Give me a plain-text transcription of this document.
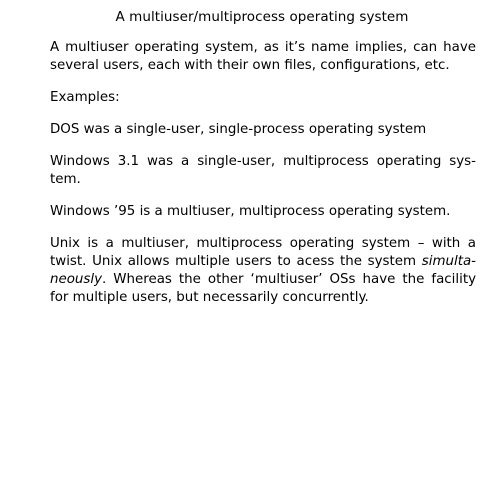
A multiuser/multiprocess operating system

A multiuser operating system, as it’s name implies, can have several users, each with their own files, configurations, etc.

Examples:

DOS was a single-user, single-process operating system

Windows 3.1 was a single-user, multiprocess operating system.

Windows ’95 is a multiuser, multiprocess operating system.

Unix is a multiuser, multiprocess operating system – with a twist. Unix allows multiple users to acess the system simultaneously. Whereas the other ‘multiuser’ OSs have the facility for multiple users, but necessarily concurrently.
